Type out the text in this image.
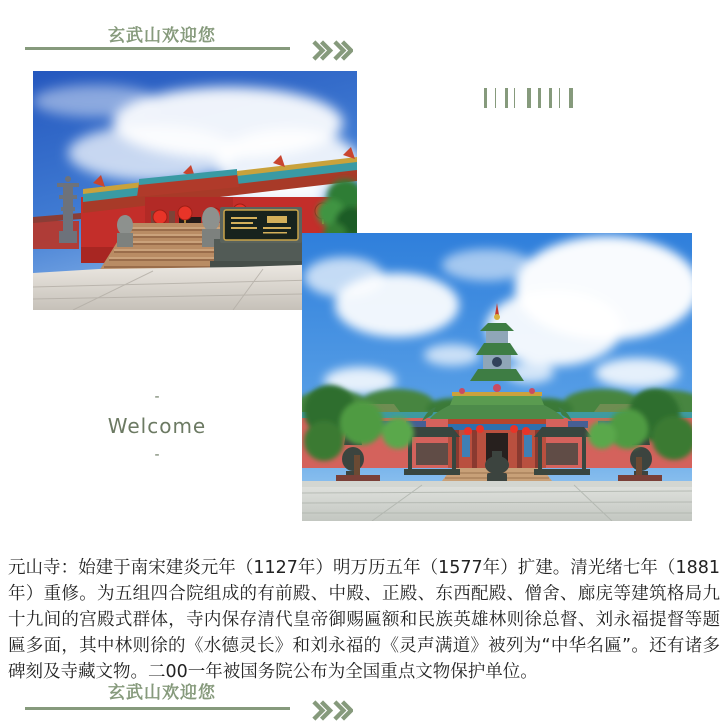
玄武山欢迎您
-
Welcome
-

元山寺：始建于南宋建炎元年（1127年）明万历五年（1577年）扩建。清光绪七年（1881年）重修。为五组四合院组成的有前殿、中殿、正殿、东西配殿、僧舍、廊庑等建筑格局九十九间的宫殿式群体，寺内保存清代皇帝御赐匾额和民族英雄林则徐总督、刘永福提督等题匾多面，其中林则徐的《水德灵长》和刘永福的《灵声满道》被列为“中华名匾”。还有诸多碑刻及寺藏文物。二00一年被国务院公布为全国重点文物保护单位。

玄武山欢迎您
